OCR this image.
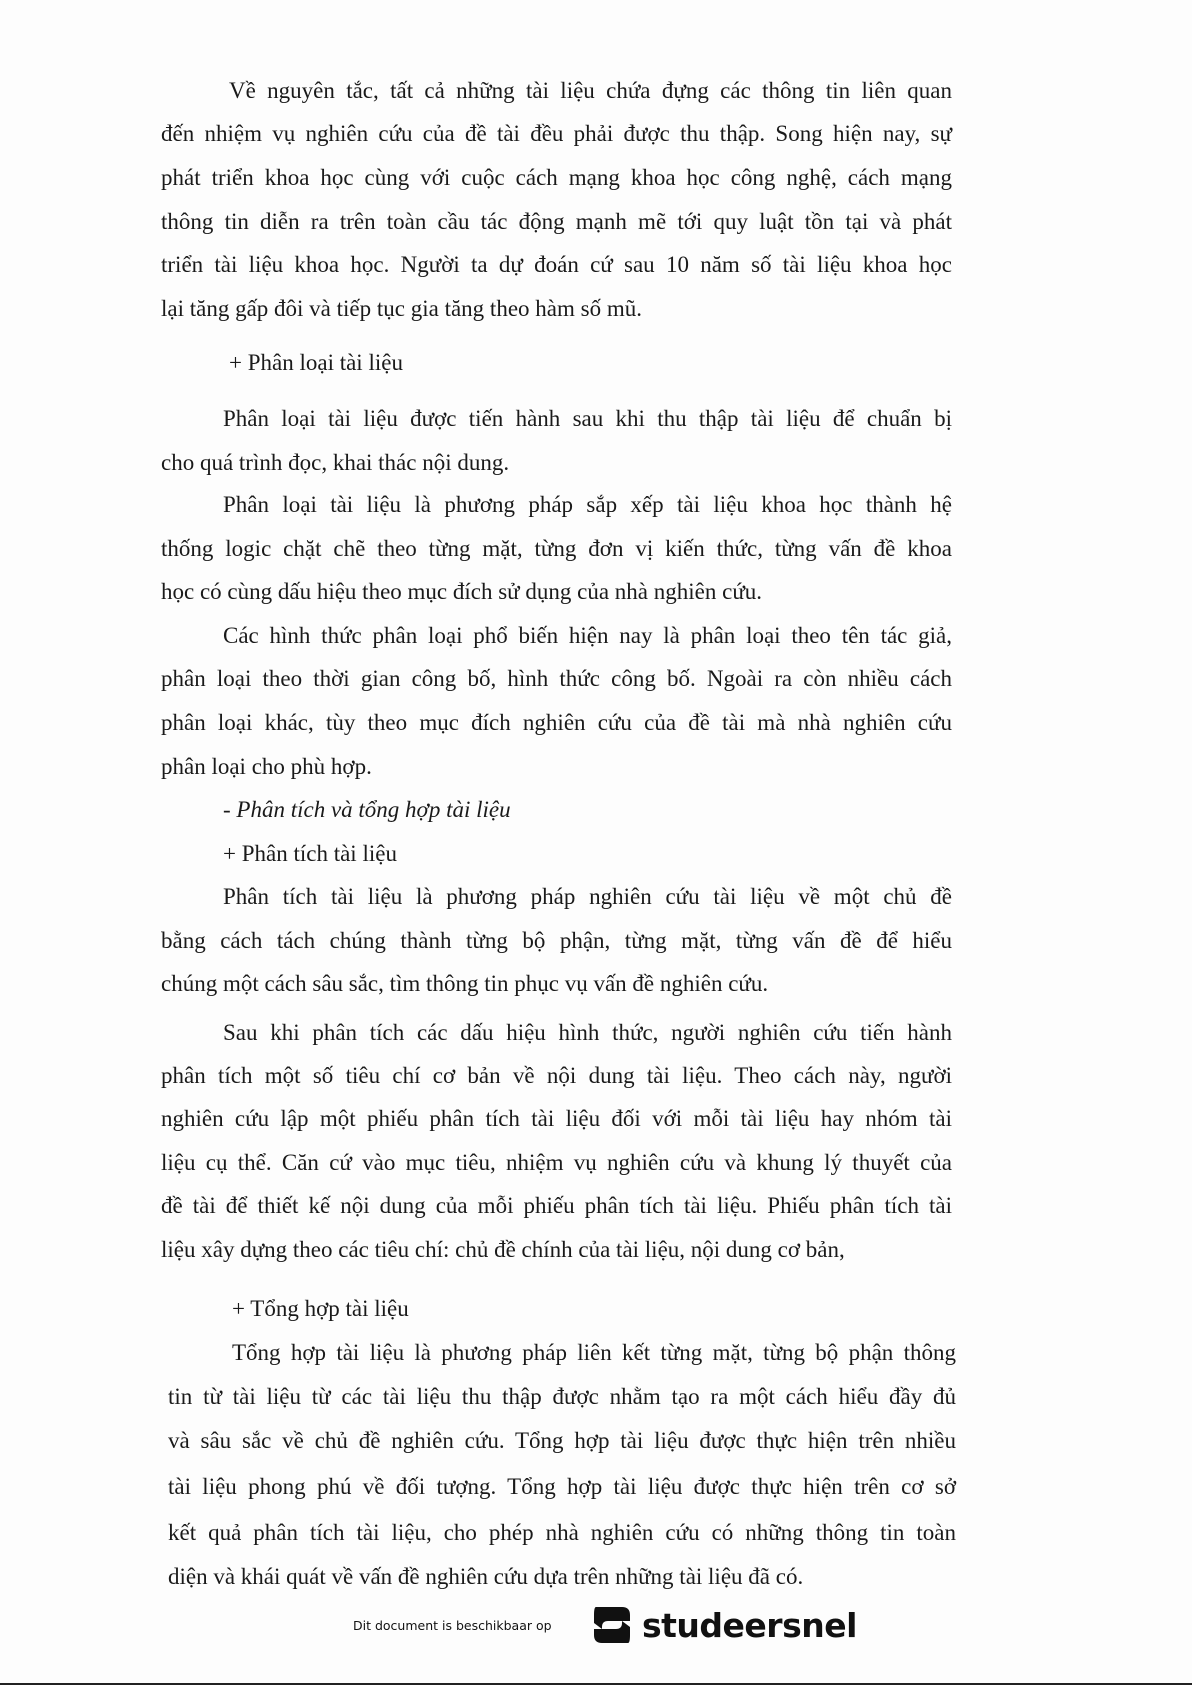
Về nguyên tắc, tất cả những tài liệu chứa đựng các thông tin liên quan
đến nhiệm vụ nghiên cứu của đề tài đều phải được thu thập. Song hiện nay, sự
phát triển khoa học cùng với cuộc cách mạng khoa học công nghệ, cách mạng
thông tin diễn ra trên toàn cầu tác động mạnh mẽ tới quy luật tồn tại và phát
triển tài liệu khoa học. Người ta dự đoán cứ sau 10 năm số tài liệu khoa học
lại tăng gấp đôi và tiếp tục gia tăng theo hàm số mũ.
+ Phân loại tài liệu
Phân loại tài liệu được tiến hành sau khi thu thập tài liệu để chuẩn bị
cho quá trình đọc, khai thác nội dung.
Phân loại tài liệu là phương pháp sắp xếp tài liệu khoa học thành hệ
thống logic chặt chẽ theo từng mặt, từng đơn vị kiến thức, từng vấn đề khoa
học có cùng dấu hiệu theo mục đích sử dụng của nhà nghiên cứu.
Các hình thức phân loại phổ biến hiện nay là phân loại theo tên tác giả,
phân loại theo thời gian công bố, hình thức công bố. Ngoài ra còn nhiều cách
phân loại khác, tùy theo mục đích nghiên cứu của đề tài mà nhà nghiên cứu
phân loại cho phù hợp.
- Phân tích và tổng hợp tài liệu
+ Phân tích tài liệu
Phân tích tài liệu là phương pháp nghiên cứu tài liệu về một chủ đề
bằng cách tách chúng thành từng bộ phận, từng mặt, từng vấn đề để hiểu
chúng một cách sâu sắc, tìm thông tin phục vụ vấn đề nghiên cứu.
Sau khi phân tích các dấu hiệu hình thức, người nghiên cứu tiến hành
phân tích một số tiêu chí cơ bản về nội dung tài liệu. Theo cách này, người
nghiên cứu lập một phiếu phân tích tài liệu đối với mỗi tài liệu hay nhóm tài
liệu cụ thể. Căn cứ vào mục tiêu, nhiệm vụ nghiên cứu và khung lý thuyết của
đề tài để thiết kế nội dung của mỗi phiếu phân tích tài liệu. Phiếu phân tích tài
liệu xây dựng theo các tiêu chí: chủ đề chính của tài liệu, nội dung cơ bản,
+ Tổng hợp tài liệu
Tổng hợp tài liệu là phương pháp liên kết từng mặt, từng bộ phận thông
tin từ tài liệu từ các tài liệu thu thập được nhằm tạo ra một cách hiểu đầy đủ
và sâu sắc về chủ đề nghiên cứu. Tổng hợp tài liệu được thực hiện trên nhiều
tài liệu phong phú về đối tượng. Tổng hợp tài liệu được thực hiện trên cơ sở
kết quả phân tích tài liệu, cho phép nhà nghiên cứu có những thông tin toàn
diện và khái quát về vấn đề nghiên cứu dựa trên những tài liệu đã có.
Dit document is beschikbaar op	studeersnel
